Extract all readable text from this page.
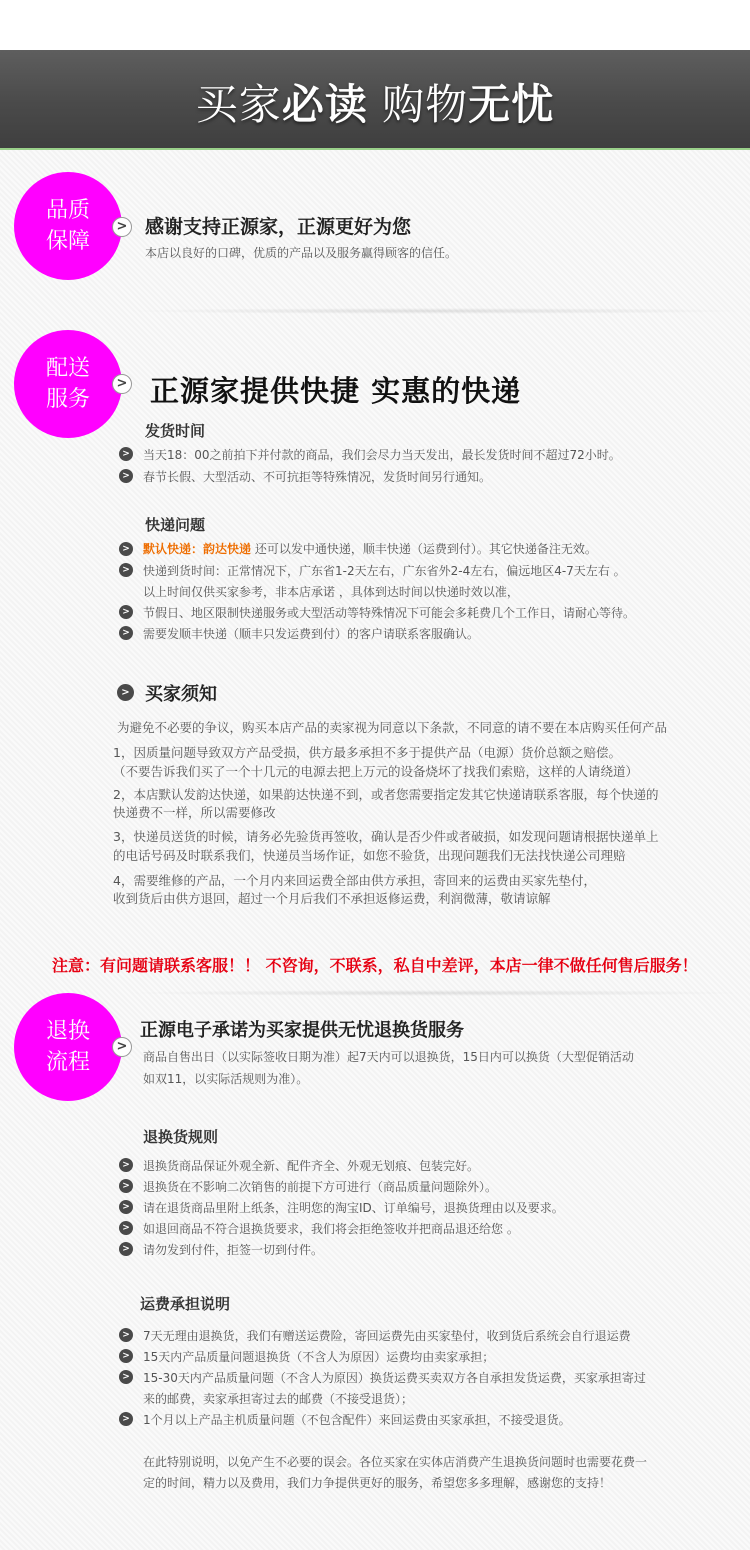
买家必读 购物无忧
品质
保障
> 感谢支持正源家，正源更好为您
本店以良好的口碑，优质的产品以及服务赢得顾客的信任。
配送
服务
> 正源家提供快捷 实惠的快递
发货时间
> 当天18：00之前拍下并付款的商品，我们会尽力当天发出，最长发货时间不超过72小时。
> 春节长假、大型活动、不可抗拒等特殊情况，发货时间另行通知。
快递问题
> 默认快递：韵达快递 还可以发中通快递，顺丰快递（运费到付）。其它快递备注无效。
> 快递到货时间：正常情况下，广东省1-2天左右，广东省外2-4左右，偏远地区4-7天左右 。
以上时间仅供买家参考，非本店承诺 ，具体到达时间以快递时效以准，
> 节假日、地区限制快递服务或大型活动等特殊情况下可能会多耗费几个工作日，请耐心等待。
> 需要发顺丰快递（顺丰只发运费到付）的客户请联系客服确认。
> 买家须知
为避免不必要的争议，购买本店产品的卖家视为同意以下条款，不同意的请不要在本店购买任何产品
1，因质量问题导致双方产品受损，供方最多承担不多于提供产品（电源）货价总额之赔偿。
（不要告诉我们买了一个十几元的电源去把上万元的设备烧坏了找我们索赔，这样的人请绕道）
2，本店默认发韵达快递，如果韵达快递不到，或者您需要指定发其它快递请联系客服，每个快递的
快递费不一样，所以需要修改
3，快递员送货的时候，请务必先验货再签收，确认是否少件或者破损，如发现问题请根据快递单上
的电话号码及时联系我们，快递员当场作证，如您不验货，出现问题我们无法找快递公司理赔
4，需要维修的产品，一个月内来回运费全部由供方承担，寄回来的运费由买家先垫付，
收到货后由供方退回，超过一个月后我们不承担返修运费，利润微薄，敬请谅解
注意：有问题请联系客服！！ 不咨询，不联系，私自中差评，本店一律不做任何售后服务！
退换
流程
>
正源电子承诺为买家提供无忧退换货服务
商品自售出日（以实际签收日期为准）起7天内可以退换货，15日内可以换货（大型促销活动
如双11，以实际活规则为准）。
退换货规则
> 退换货商品保证外观全新、配件齐全、外观无划痕、包装完好。
> 退换货在不影响二次销售的前提下方可进行（商品质量问题除外）。
> 请在退货商品里附上纸条，注明您的淘宝ID、订单编号，退换货理由以及要求。
> 如退回商品不符合退换货要求，我们将会拒绝签收并把商品退还给您 。
> 请勿发到付件，拒签一切到付件。
运费承担说明
> 7天无理由退换货，我们有赠送运费险，寄回运费先由买家垫付，收到货后系统会自行退运费
> 15天内产品质量问题退换货（不含人为原因）运费均由卖家承担；
> 15-30天内产品质量问题（不含人为原因）换货运费买卖双方各自承担发货运费，买家承担寄过
来的邮费，卖家承担寄过去的邮费（不接受退货）；
> 1个月以上产品主机质量问题（不包含配件）来回运费由买家承担，不接受退货。
在此特别说明，以免产生不必要的误会。各位买家在实体店消费产生退换货问题时也需要花费一
定的时间，精力以及费用，我们力争提供更好的服务，希望您多多理解，感谢您的支持！
